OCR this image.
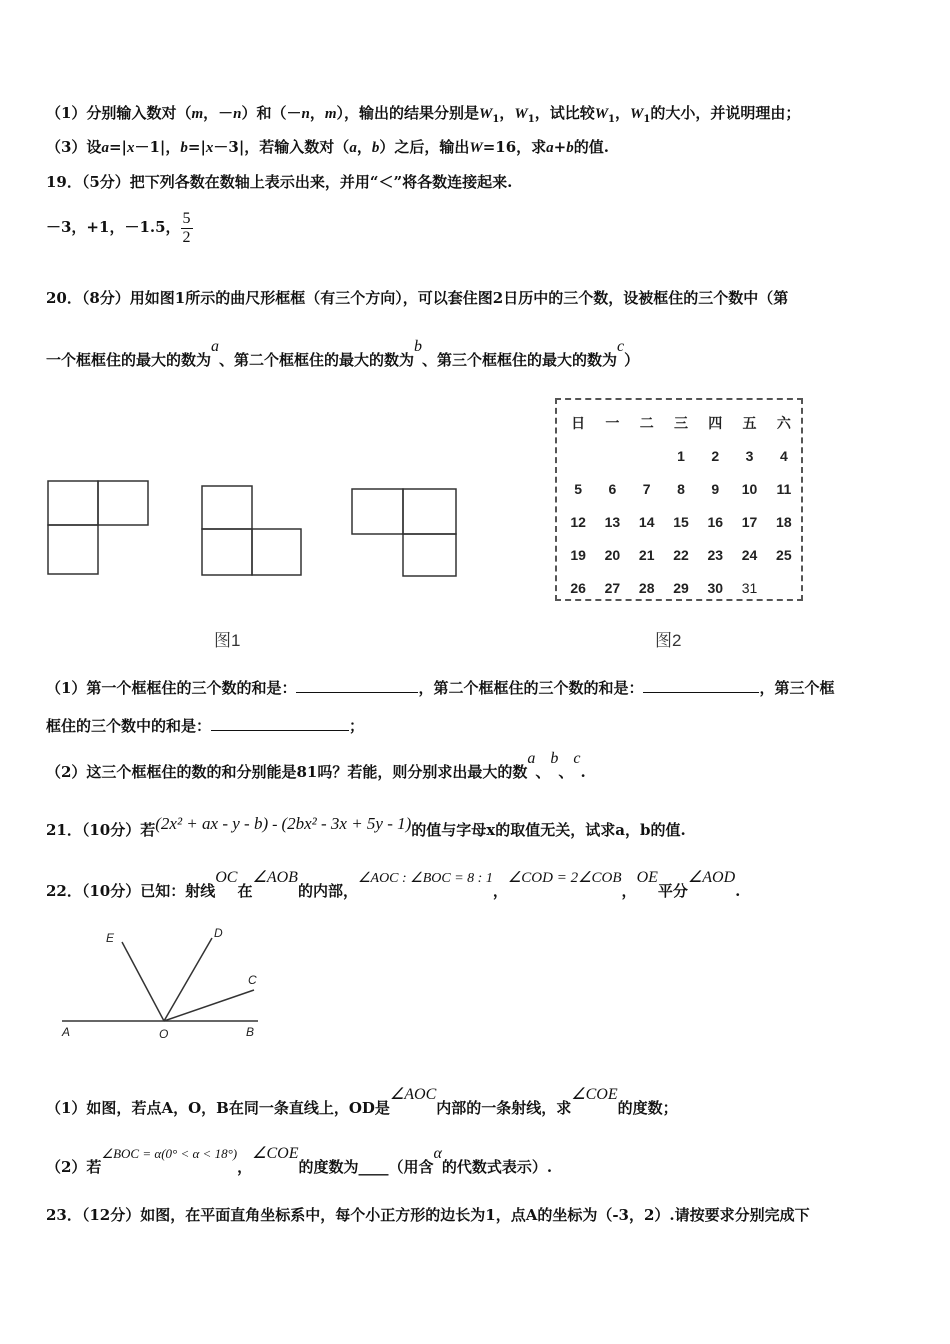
（1）分别输入数对（m，－n）和（－n，m），输出的结果分别是$W_1$，$W_1$，试比较$W_1$，$W_1$的大小，并说明理由；
（3）设a=|x－1|，b=|x－3|，若输入数对（a，b）之后，输出W=16，求a+b的值.
19．（5分）把下列各数在数轴上表示出来，并用“＜”将各数连接起来.
－3，+1，－1.5， $\frac{5}{2}$
20．（8分）用如图1所示的曲尺形框框（有三个方向），可以套住图2日历中的三个数，设被框住的三个数中（第
一个框框住的最大的数为a、第二个框框住的最大的数为b、第三个框框住的最大的数为c）
图1
日	一	二	三	四	五	六
			1	2	3	4
5	6	7	8	9	10	11
12	13	14	15	16	17	18
19	20	21	22	23	24	25
26	27	28	29	30	31	
图2
（1）第一个框框住的三个数的和是：	，第二个框框住的三个数的和是：	，第三个框
框住的三个数中的和是：	；
（2）这三个框框住的数的和分别能是81吗？若能，则分别求出最大的数a、b、c.
21．（10分）若(2x² + ax - y - b) - (2bx² - 3x + 5y - 1)的值与字母x的取值无关，试求a，b的值.
22．（10分）已知：射线OC在∠AOB的内部，∠AOC : ∠BOC = 8 : 1，∠COD = 2∠COB，OE平分∠AOD.
E	D
C
A	O	B
（1）如图，若点A，O，B在同一条直线上，OD是∠AOC内部的一条射线，求∠COE的度数；
（2）若∠BOC = α(0° < α < 18°)，∠COE的度数为____（用含α的代数式表示）.
23．（12分）如图，在平面直角坐标系中，每个小正方形的边长为1，点A的坐标为（-3，2）.请按要求分别完成下
